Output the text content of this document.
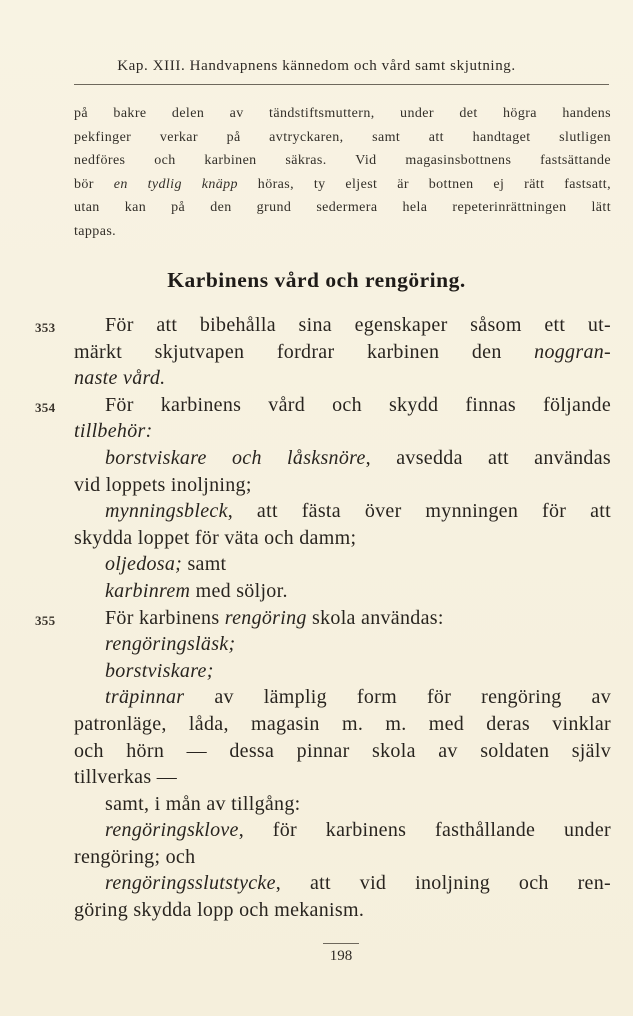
Kap. XIII. Handvapnens kännedom och vård samt skjutning.
på bakre delen av tändstiftsmuttern, under det högra handens
pekfinger verkar på avtryckaren, samt att handtaget slutligen
nedföres och karbinen säkras. Vid magasinsbottnens fastsättande
bör en tydlig knäpp höras, ty eljest är bottnen ej rätt fastsatt,
utan kan på den grund sedermera hela repeterinrättningen lätt
tappas.
Karbinens vård och rengöring.
353	För att bibehålla sina egenskaper såsom ett ut-
märkt skjutvapen fordrar karbinen den noggran-
naste vård.
354	För karbinens vård och skydd finnas följande
tillbehör:
borstviskare och låsksnöre, avsedda att användas
vid loppets inoljning;
mynningsbleck, att fästa över mynningen för att
skydda loppet för väta och damm;
oljedosa; samt
karbinrem med söljor.
355	För karbinens rengöring skola användas:
rengöringsläsk;
borstviskare;
träpinnar av lämplig form för rengöring av
patronläge, låda, magasin m. m. med deras vinklar
och hörn — dessa pinnar skola av soldaten själv
tillverkas —
samt, i mån av tillgång:
rengöringsklove, för karbinens fasthållande under
rengöring; och
rengöringsslutstycke, att vid inoljning och ren-
göring skydda lopp och mekanism.
198
